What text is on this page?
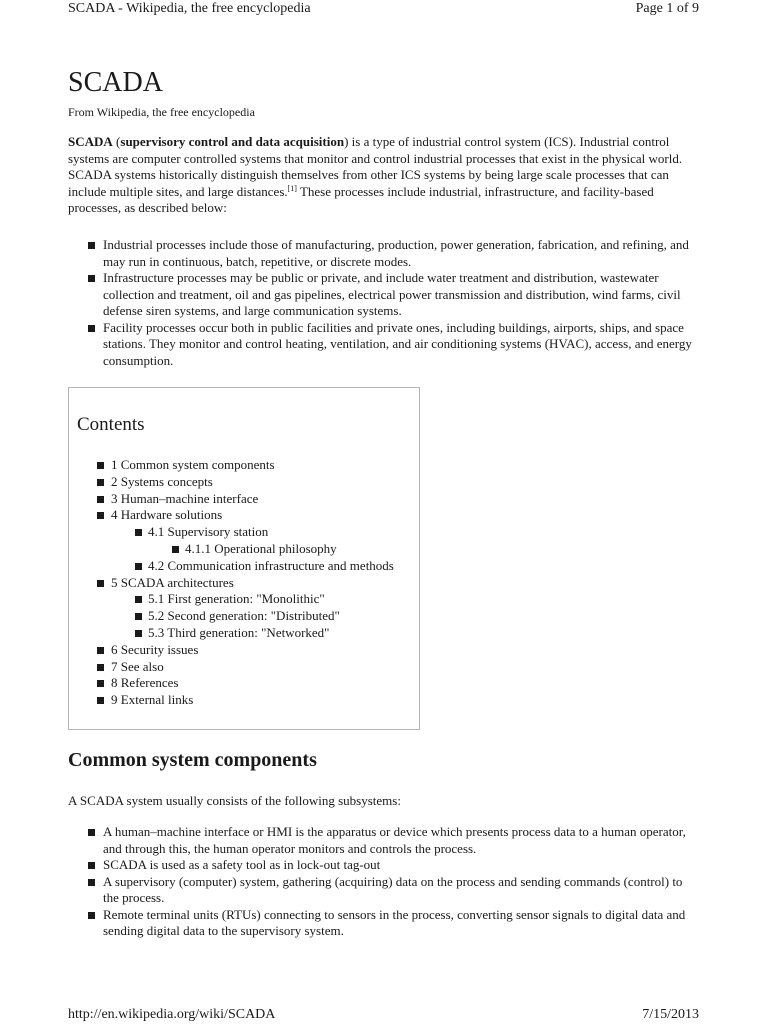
SCADA - Wikipedia, the free encyclopedia	Page 1 of 9
SCADA
From Wikipedia, the free encyclopedia

SCADA (supervisory control and data acquisition) is a type of industrial control system (ICS). Industrial control systems are computer controlled systems that monitor and control industrial processes that exist in the physical world. SCADA systems historically distinguish themselves from other ICS systems by being large scale processes that can include multiple sites, and large distances.[1] These processes include industrial, infrastructure, and facility-based processes, as described below:

Industrial processes include those of manufacturing, production, power generation, fabrication, and refining, and may run in continuous, batch, repetitive, or discrete modes.
Infrastructure processes may be public or private, and include water treatment and distribution, wastewater collection and treatment, oil and gas pipelines, electrical power transmission and distribution, wind farms, civil defense siren systems, and large communication systems.
Facility processes occur both in public facilities and private ones, including buildings, airports, ships, and space stations. They monitor and control heating, ventilation, and air conditioning systems (HVAC), access, and energy consumption.
Contents
1 Common system components
2 Systems concepts
3 Human–machine interface
4 Hardware solutions
4.1 Supervisory station
4.1.1 Operational philosophy
4.2 Communication infrastructure and methods
5 SCADA architectures
5.1 First generation: "Monolithic"
5.2 Second generation: "Distributed"
5.3 Third generation: "Networked"
6 Security issues
7 See also
8 References
9 External links
Common system components

A SCADA system usually consists of the following subsystems:

A human–machine interface or HMI is the apparatus or device which presents process data to a human operator, and through this, the human operator monitors and controls the process.
SCADA is used as a safety tool as in lock-out tag-out
A supervisory (computer) system, gathering (acquiring) data on the process and sending commands (control) to the process.
Remote terminal units (RTUs) connecting to sensors in the process, converting sensor signals to digital data and sending digital data to the supervisory system.
http://en.wikipedia.org/wiki/SCADA	7/15/2013
